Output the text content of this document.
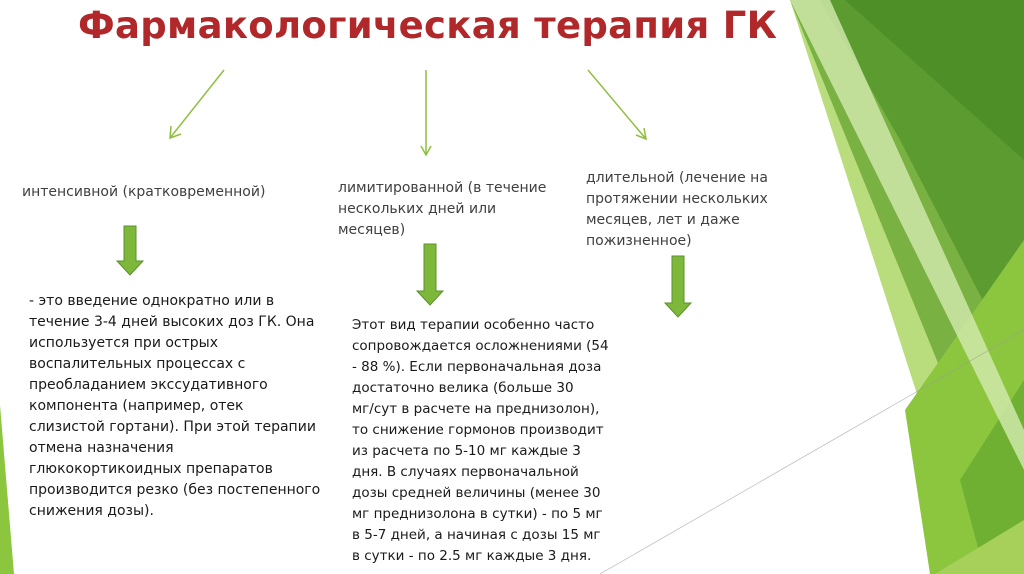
Фармакологическая терапия ГК
интенсивной (кратковременной)	лимитированной (в течение
нескольких дней или
месяцев)
длительной (лечение на
протяжении нескольких
месяцев, лет и даже
пожизненное)
- это введение однократно или в
течение 3-4 дней высоких доз ГК. Она
используется при острых
воспалительных процессах с
преобладанием экссудативного
компонента (например, отек
слизистой гортани). При этой терапии
отмена назначения
глюкокортикоидных препаратов
производится резко (без постепенного
снижения дозы).
Этот вид терапии особенно часто
сопровождается осложнениями (54
- 88 %). Если первоначальная доза
достаточно велика (больше 30
мг/сут в расчете на преднизолон),
то снижение гормонов производит
из расчета по 5-10 мг каждые 3
дня. В случаях первоначальной
дозы средней величины (менее 30
мг преднизолона в сутки) - по 5 мг
в 5-7 дней, а начиная с дозы 15 мг
в сутки - по 2.5 мг каждые 3 дня.
